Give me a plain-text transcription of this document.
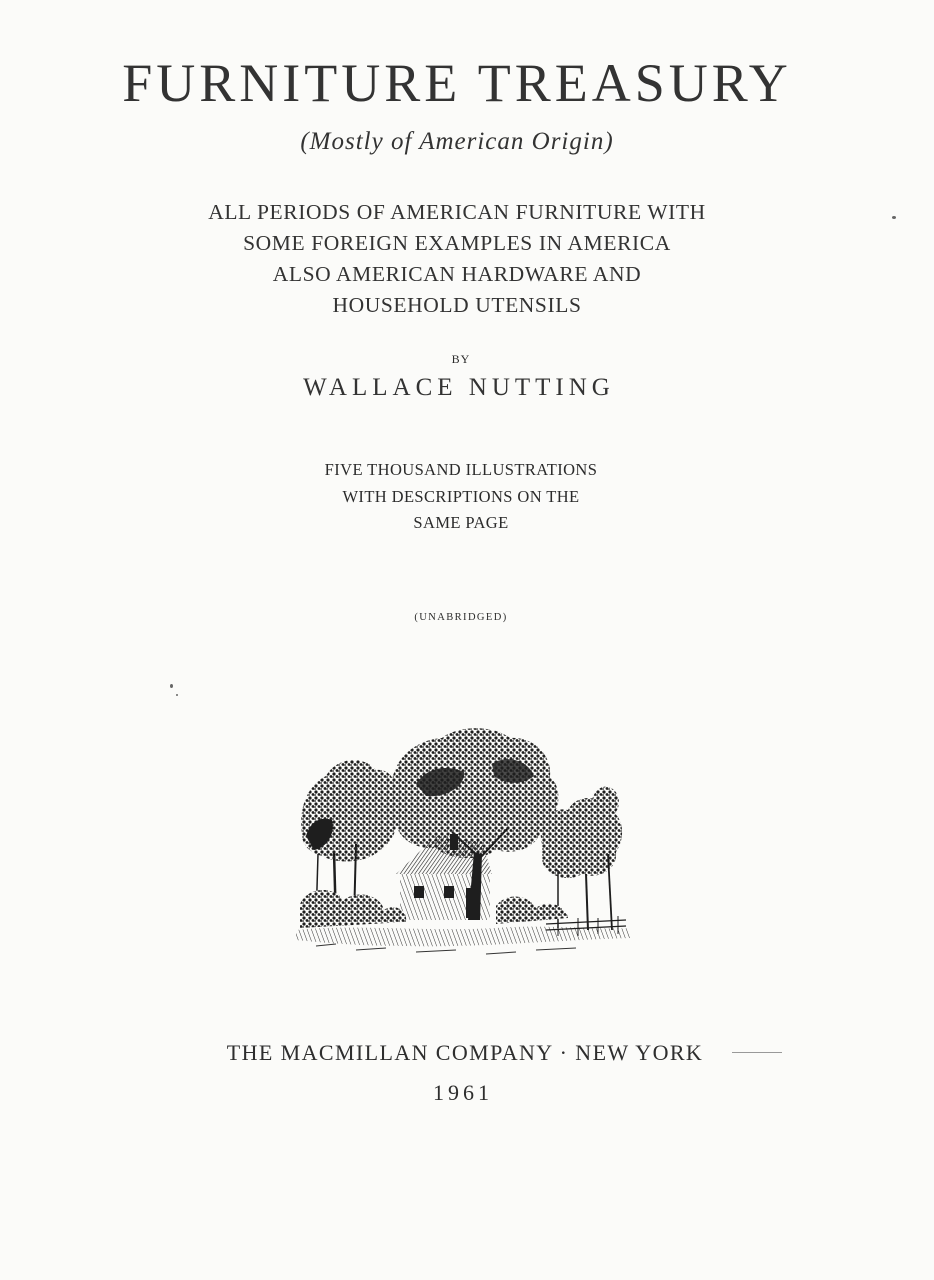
FURNITURE TREASURY
(Mostly of American Origin)
ALL PERIODS OF AMERICAN FURNITURE WITH
SOME FOREIGN EXAMPLES IN AMERICA
ALSO AMERICAN HARDWARE AND
HOUSEHOLD UTENSILS
BY
WALLACE NUTTING
FIVE THOUSAND ILLUSTRATIONS
WITH DESCRIPTIONS ON THE
SAME PAGE
(UNABRIDGED)
THE MACMILLAN COMPANY · NEW YORK
1961
